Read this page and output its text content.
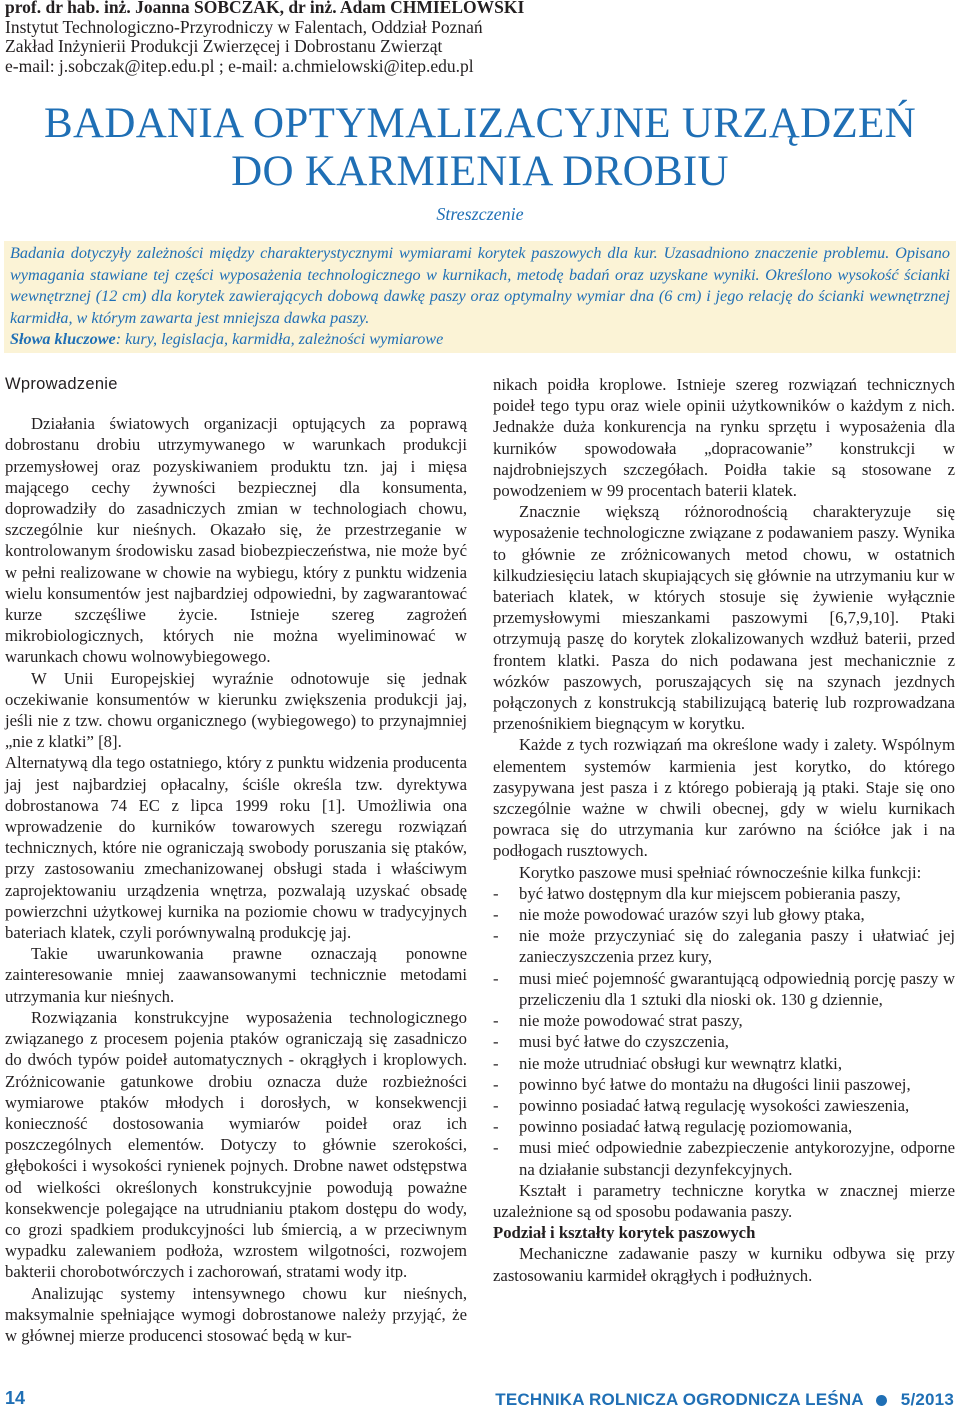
prof. dr hab. inż. Joanna SOBCZAK, dr inż. Adam CHMIELOWSKI
Instytut Technologiczno-Przyrodniczy w Falentach, Oddział Poznań
Zakład Inżynierii Produkcji Zwierzęcej i Dobrostanu Zwierząt
e-mail: j.sobczak@itep.edu.pl ; e-mail: a.chmielowski@itep.edu.pl
BADANIA OPTYMALIZACYJNE URZĄDZEŃ
DO KARMIENIA DROBIU
Streszczenie
Badania dotyczyły zależności między charakterystycznymi wymiarami korytek paszowych dla kur. Uzasadniono znaczenie problemu. Opisano wymagania stawiane tej części wyposażenia technologicznego w kurnikach, metodę badań oraz uzyskane wyniki. Określono wysokość ścianki wewnętrznej (12 cm) dla korytek zawierających dobową dawkę paszy oraz optymalny wymiar dna (6 cm) i jego relację do ścianki wewnętrznej karmidła, w którym zawarta jest mniejsza dawka paszy.
Słowa kluczowe: kury, legislacja, karmidła, zależności wymiarowe
Wprowadzenie

Działania światowych organizacji optujących za poprawą dobrostanu drobiu utrzymywanego w warunkach produkcji przemysłowej oraz pozyskiwaniem produktu tzn. jaj i mięsa mającego cechy żywności bezpiecznej dla konsumenta, doprowadziły do zasadniczych zmian w technologiach chowu, szczególnie kur nieśnych. Okazało się, że przestrzeganie w kontrolowanym środowisku zasad biobezpieczeństwa, nie może być w pełni realizowane w chowie na wybiegu, który z punktu widzenia wielu konsumentów jest najbardziej odpowiedni, by zagwarantować kurze szczęśliwe życie. Istnieje szereg zagrożeń mikrobiologicznych, których nie można wyeliminować w warunkach chowu wolnowybiegowego.

W Unii Europejskiej wyraźnie odnotowuje się jednak oczekiwanie konsumentów w kierunku zwiększenia produkcji jaj, jeśli nie z tzw. chowu organicznego (wybiegowego) to przynajmniej „nie z klatki” [8].

Alternatywą dla tego ostatniego, który z punktu widzenia producenta jaj jest najbardziej opłacalny, ściśle określa tzw. dyrektywa dobrostanowa 74 EC z lipca 1999 roku [1]. Umożliwia ona wprowadzenie do kurników towarowych szeregu rozwiązań technicznych, które nie ograniczają swobody poruszania się ptaków, przy zastosowaniu zmechanizowanej obsługi stada i właściwym zaprojektowaniu urządzenia wnętrza, pozwalają uzyskać obsadę powierzchni użytkowej kurnika na poziomie chowu w tradycyjnych bateriach klatek, czyli porównywalną produkcję jaj.

Takie uwarunkowania prawne oznaczają ponowne zainteresowanie mniej zaawansowanymi technicznie metodami utrzymania kur nieśnych.

Rozwiązania konstrukcyjne wyposażenia technologicznego związanego z procesem pojenia ptaków ograniczają się zasadniczo do dwóch typów poideł automatycznych - okrągłych i kroplowych. Zróżnicowanie gatunkowe drobiu oznacza duże rozbieżności wymiarowe ptaków młodych i dorosłych, w konsekwencji konieczność dostosowania wymiarów poideł oraz ich poszczególnych elementów. Dotyczy to głównie szerokości, głębokości i wysokości rynienek pojnych. Drobne nawet odstępstwa od wielkości określonych konstrukcyjnie powodują poważne konsekwencje polegające na utrudnianiu ptakom dostępu do wody, co grozi spadkiem produkcyjności lub śmiercią, a w przeciwnym wypadku zalewaniem podłoża, wzrostem wilgotności, rozwojem bakterii chorobotwórczych i zachorowań, stratami wody itp.

Analizując systemy intensywnego chowu kur nieśnych, maksymalnie spełniające wymogi dobrostanowe należy przyjąć, że w głównej mierze producenci stosować będą w kur-

nikach poidła kroplowe. Istnieje szereg rozwiązań technicznych poideł tego typu oraz wiele opinii użytkowników o każdym z nich. Jednakże duża konkurencja na rynku sprzętu i wyposażenia dla kurników spowodowała „dopracowanie” konstrukcji w najdrobniejszych szczegółach. Poidła takie są stosowane z powodzeniem w 99 procentach baterii klatek.

Znacznie większą różnorodnością charakteryzuje się wyposażenie technologiczne związane z podawaniem paszy. Wynika to głównie ze zróżnicowanych metod chowu, w ostatnich kilkudziesięciu latach skupiających się głównie na utrzymaniu kur w bateriach klatek, w których stosuje się żywienie wyłącznie przemysłowymi mieszankami paszowymi [6,7,9,10]. Ptaki otrzymują paszę do korytek zlokalizowanych wzdłuż baterii, przed frontem klatki. Pasza do nich podawana jest mechanicznie z wózków paszowych, poruszających się na szynach jezdnych połączonych z konstrukcją stabilizującą baterię lub rozprowadzana przenośnikiem biegnącym w korytku.

Każde z tych rozwiązań ma określone wady i zalety. Wspólnym elementem systemów karmienia jest korytko, do którego zasypywana jest pasza i z którego pobierają ją ptaki. Staje się ono szczególnie ważne w chwili obecnej, gdy w wielu kurnikach powraca się do utrzymania kur zarówno na ściółce jak i na podłogach rusztowych.

Korytko paszowe musi spełniać równocześnie kilka funkcji:

- być łatwo dostępnym dla kur miejscem pobierania paszy,
- nie może powodować urazów szyi lub głowy ptaka,
- nie może przyczyniać się do zalegania paszy i ułatwiać jej zanieczyszczenia przez kury,
- musi mieć pojemność gwarantującą odpowiednią porcję paszy w przeliczeniu dla 1 sztuki dla nioski ok. 130 g dziennie,
- nie może powodować strat paszy,
- musi być łatwe do czyszczenia,
- nie może utrudniać obsługi kur wewnątrz klatki,
- powinno być łatwe do montażu na długości linii paszowej,
- powinno posiadać łatwą regulację wysokości zawieszenia,
- powinno posiadać łatwą regulację poziomowania,
- musi mieć odpowiednie zabezpieczenie antykorozyjne, odporne na działanie substancji dezynfekcyjnych.

Kształt i parametry techniczne korytka w znacznej mierze uzależnione są od sposobu podawania paszy.

Podział i kształty korytek paszowych

Mechaniczne zadawanie paszy w kurniku odbywa się przy zastosowaniu karmideł okrągłych i podłużnych.

14	TECHNIKA ROLNICZA OGRODNICZA LEŚNA 5/2013
